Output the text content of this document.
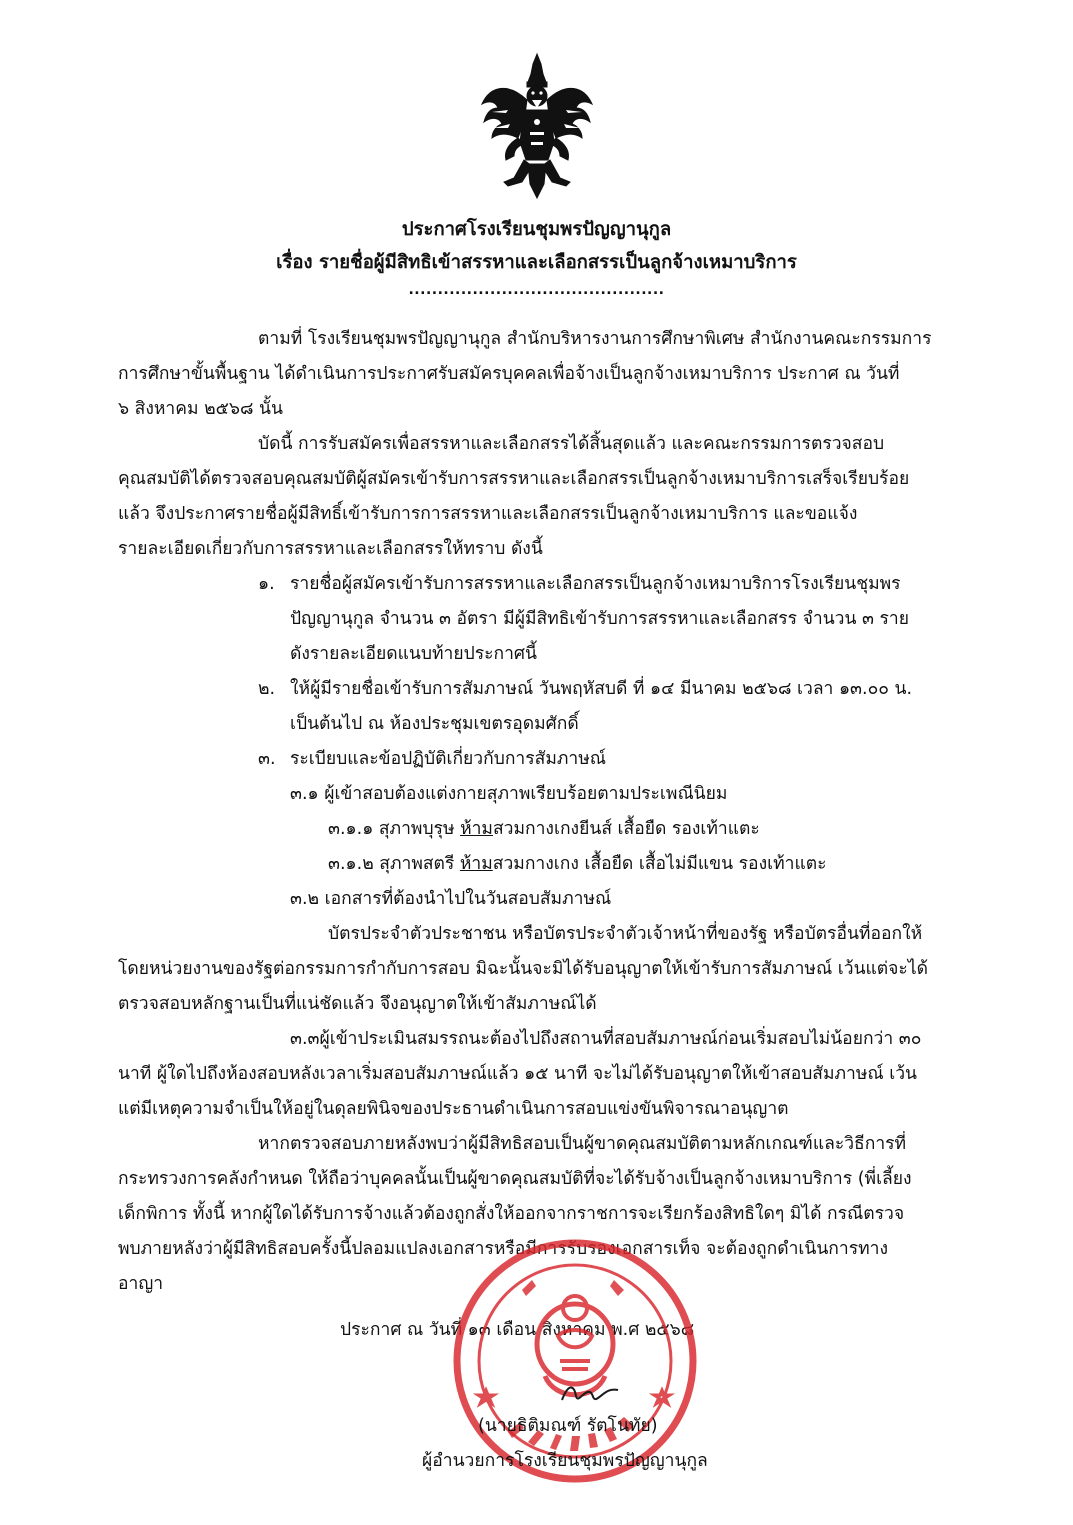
ประกาศโรงเรียนชุมพรปัญญานุกูล
เรื่อง รายชื่อผู้มีสิทธิเข้าสรรหาและเลือกสรรเป็นลูกจ้างเหมาบริการ
............................................
ตามที่ โรงเรียนชุมพรปัญญานุกูล สำนักบริหารงานการศึกษาพิเศษ สำนักงานคณะกรรมการ
การศึกษาขั้นพื้นฐาน ได้ดำเนินการประกาศรับสมัครบุคคลเพื่อจ้างเป็นลูกจ้างเหมาบริการ ประกาศ ณ วันที่
๖ สิงหาคม ๒๕๖๘ นั้น
บัดนี้ การรับสมัครเพื่อสรรหาและเลือกสรรได้สิ้นสุดแล้ว และคณะกรรมการตรวจสอบ
คุณสมบัติได้ตรวจสอบคุณสมบัติผู้สมัครเข้ารับการสรรหาและเลือกสรรเป็นลูกจ้างเหมาบริการเสร็จเรียบร้อย
แล้ว จึงประกาศรายชื่อผู้มีสิทธิ์เข้ารับการการสรรหาและเลือกสรรเป็นลูกจ้างเหมาบริการ และขอแจ้ง
รายละเอียดเกี่ยวกับการสรรหาและเลือกสรรให้ทราบ ดังนี้
๑. รายชื่อผู้สมัครเข้ารับการสรรหาและเลือกสรรเป็นลูกจ้างเหมาบริการโรงเรียนชุมพร
ปัญญานุกูล จำนวน ๓ อัตรา มีผู้มีสิทธิเข้ารับการสรรหาและเลือกสรร จำนวน ๓ ราย
ดังรายละเอียดแนบท้ายประกาศนี้
๒. ให้ผู้มีรายชื่อเข้ารับการสัมภาษณ์ วันพฤหัสบดี ที่ ๑๔ มีนาคม ๒๕๖๘ เวลา ๑๓.๐๐ น.
เป็นต้นไป ณ ห้องประชุมเขตรอุดมศักดิ์
๓. ระเบียบและข้อปฏิบัติเกี่ยวกับการสัมภาษณ์
๓.๑ ผู้เข้าสอบต้องแต่งกายสุภาพเรียบร้อยตามประเพณีนิยม
๓.๑.๑ สุภาพบุรุษ ห้ามสวมกางเกงยีนส์ เสื้อยืด รองเท้าแตะ
๓.๑.๒ สุภาพสตรี ห้ามสวมกางเกง เสื้อยืด เสื้อไม่มีแขน รองเท้าแตะ
๓.๒ เอกสารที่ต้องนำไปในวันสอบสัมภาษณ์
บัตรประจำตัวประชาชน หรือบัตรประจำตัวเจ้าหน้าที่ของรัฐ หรือบัตรอื่นที่ออกให้
โดยหน่วยงานของรัฐต่อกรรมการกำกับการสอบ มิฉะนั้นจะมิได้รับอนุญาตให้เข้ารับการสัมภาษณ์ เว้นแต่จะได้
ตรวจสอบหลักฐานเป็นที่แน่ชัดแล้ว จึงอนุญาตให้เข้าสัมภาษณ์ได้
๓.๓ผู้เข้าประเมินสมรรถนะต้องไปถึงสถานที่สอบสัมภาษณ์ก่อนเริ่มสอบไม่น้อยกว่า ๓๐
นาที ผู้ใดไปถึงห้องสอบหลังเวลาเริ่มสอบสัมภาษณ์แล้ว ๑๕ นาที จะไม่ได้รับอนุญาตให้เข้าสอบสัมภาษณ์ เว้น
แต่มีเหตุความจำเป็นให้อยู่ในดุลยพินิจของประธานดำเนินการสอบแข่งขันพิจารณาอนุญาต
หากตรวจสอบภายหลังพบว่าผู้มีสิทธิสอบเป็นผู้ขาดคุณสมบัติตามหลักเกณฑ์และวิธีการที่
กระทรวงการคลังกำหนด ให้ถือว่าบุคคลนั้นเป็นผู้ขาดคุณสมบัติที่จะได้รับจ้างเป็นลูกจ้างเหมาบริการ (พี่เลี้ยง
เด็กพิการ ทั้งนี้ หากผู้ใดได้รับการจ้างแล้วต้องถูกสั่งให้ออกจากราชการจะเรียกร้องสิทธิใดๆ มิได้ กรณีตรวจ
พบภายหลังว่าผู้มีสิทธิสอบครั้งนี้ปลอมแปลงเอกสารหรือมีการรับรองเอกสารเท็จ จะต้องถูกดำเนินการทาง
อาญา
ประกาศ ณ วันที่ ๑๓ เดือน สิงหาคม พ.ศ ๒๕๖๘
(นายธิติมณฑ์ รัตโนทัย)
ผู้อำนวยการโรงเรียนชุมพรปัญญานุกูล
